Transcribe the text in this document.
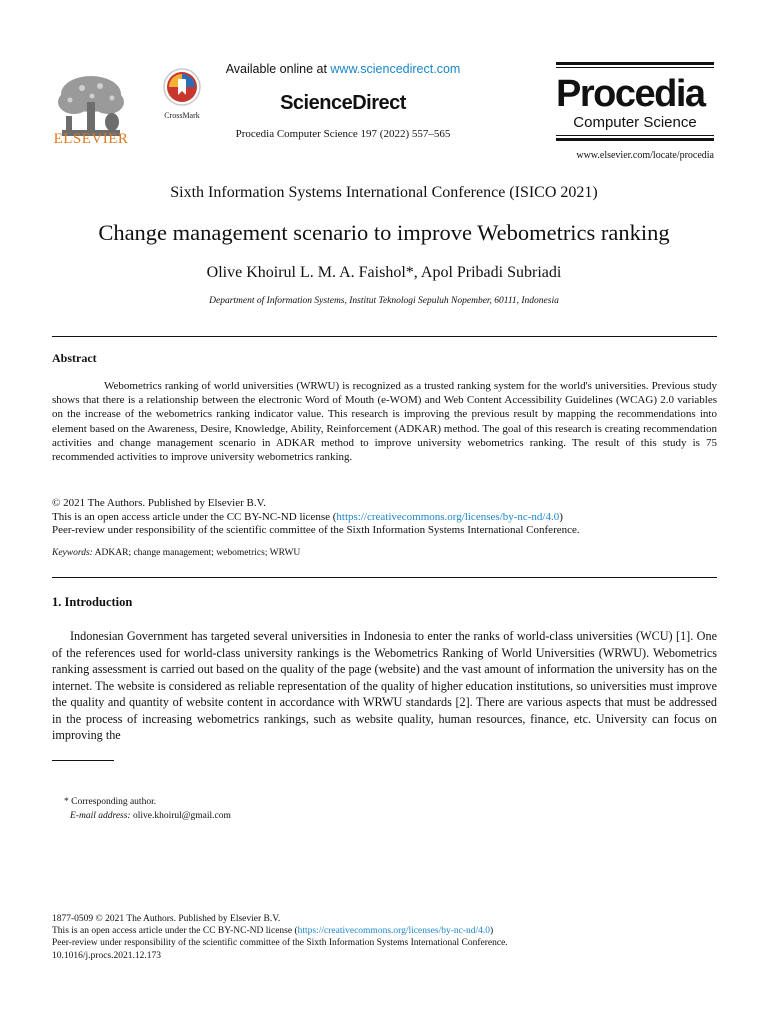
ELSEVIER
CrossMark
Available online at www.sciencedirect.com
ScienceDirect
Procedia Computer Science 197 (2022) 557–565
Procedia
Computer Science
www.elsevier.com/locate/procedia
Sixth Information Systems International Conference (ISICO 2021)
Change management scenario to improve Webometrics ranking
Olive Khoirul L. M. A. Faishol*, Apol Pribadi Subriadi
Department of Information Systems, Institut Teknologi Sepuluh Nopember, 60111, Indonesia
Abstract
Webometrics ranking of world universities (WRWU) is recognized as a trusted ranking system for the world's universities. Previous study shows that there is a relationship between the electronic Word of Mouth (e-WOM) and Web Content Accessibility Guidelines (WCAG) 2.0 variables on the increase of the webometrics ranking indicator value. This research is improving the previous result by mapping the recommendations into element based on the Awareness, Desire, Knowledge, Ability, Reinforcement (ADKAR) method. The goal of this research is creating recommendation activities and change management scenario in ADKAR method to improve university webometrics ranking. The result of this study is 75 recommended activities to improve university webometrics ranking.
© 2021 The Authors. Published by Elsevier B.V.
This is an open access article under the CC BY-NC-ND license (https://creativecommons.org/licenses/by-nc-nd/4.0)
Peer-review under responsibility of the scientific committee of the Sixth Information Systems International Conference.
Keywords: ADKAR; change management; webometrics; WRWU
1. Introduction
Indonesian Government has targeted several universities in Indonesia to enter the ranks of world-class universities (WCU) [1]. One of the references used for world-class university rankings is the Webometrics Ranking of World Universities (WRWU). Webometrics ranking assessment is carried out based on the quality of the page (website) and the vast amount of information the university has on the internet. The website is considered as reliable representation of the quality of higher education institutions, so universities must improve the quality and quantity of website content in accordance with WRWU standards [2]. There are various aspects that must be addressed in the process of increasing webometrics rankings, such as website quality, human resources, finance, etc. University can focus on improving the
* Corresponding author.
E-mail address: olive.khoirul@gmail.com
1877-0509 © 2021 The Authors. Published by Elsevier B.V.
This is an open access article under the CC BY-NC-ND license (https://creativecommons.org/licenses/by-nc-nd/4.0)
Peer-review under responsibility of the scientific committee of the Sixth Information Systems International Conference.
10.1016/j.procs.2021.12.173
